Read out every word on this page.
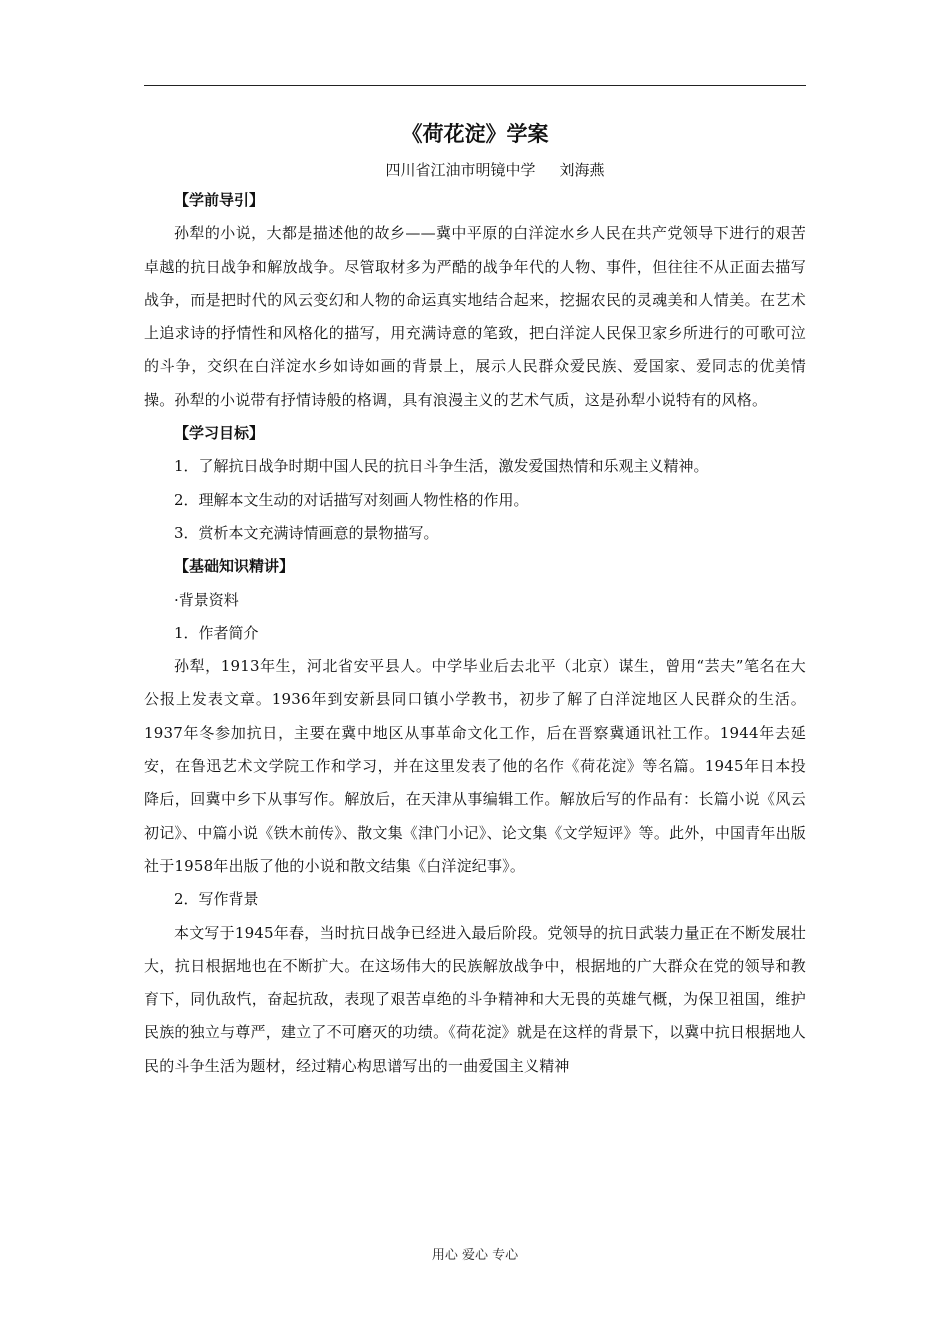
《荷花淀》学案
四川省江油市明镜中学 刘海燕
【学前导引】

孙犁的小说，大都是描述他的故乡——冀中平原的白洋淀水乡人民在共产党领导下进行的艰苦卓越的抗日战争和解放战争。尽管取材多为严酷的战争年代的人物、事件，但往往不从正面去描写战争，而是把时代的风云变幻和人物的命运真实地结合起来，挖掘农民的灵魂美和人情美。在艺术上追求诗的抒情性和风格化的描写，用充满诗意的笔致，把白洋淀人民保卫家乡所进行的可歌可泣的斗争，交织在白洋淀水乡如诗如画的背景上，展示人民群众爱民族、爱国家、爱同志的优美情操。孙犁的小说带有抒情诗般的格调，具有浪漫主义的艺术气质，这是孙犁小说特有的风格。

【学习目标】
1．了解抗日战争时期中国人民的抗日斗争生活，激发爱国热情和乐观主义精神。
2．理解本文生动的对话描写对刻画人物性格的作用。
3．赏析本文充满诗情画意的景物描写。
【基础知识精讲】
·背景资料
1．作者简介

孙犁，1913年生，河北省安平县人。中学毕业后去北平（北京）谋生，曾用“芸夫”笔名在大公报上发表文章。1936年到安新县同口镇小学教书，初步了解了白洋淀地区人民群众的生活。1937年冬参加抗日，主要在冀中地区从事革命文化工作，后在晋察冀通讯社工作。1944年去延安，在鲁迅艺术文学院工作和学习，并在这里发表了他的名作《荷花淀》等名篇。1945年日本投降后，回冀中乡下从事写作。解放后，在天津从事编辑工作。解放后写的作品有：长篇小说《风云初记》、中篇小说《铁木前传》、散文集《津门小记》、论文集《文学短评》等。此外，中国青年出版社于1958年出版了他的小说和散文结集《白洋淀纪事》。

2．写作背景

本文写于1945年春，当时抗日战争已经进入最后阶段。党领导的抗日武装力量正在不断发展壮大，抗日根据地也在不断扩大。在这场伟大的民族解放战争中，根据地的广大群众在党的领导和教育下，同仇敌忾，奋起抗敌，表现了艰苦卓绝的斗争精神和大无畏的英雄气概，为保卫祖国，维护民族的独立与尊严，建立了不可磨灭的功绩。《荷花淀》就是在这样的背景下，以冀中抗日根据地人民的斗争生活为题材，经过精心构思谱写出的一曲爱国主义精神

用心 爱心 专心
